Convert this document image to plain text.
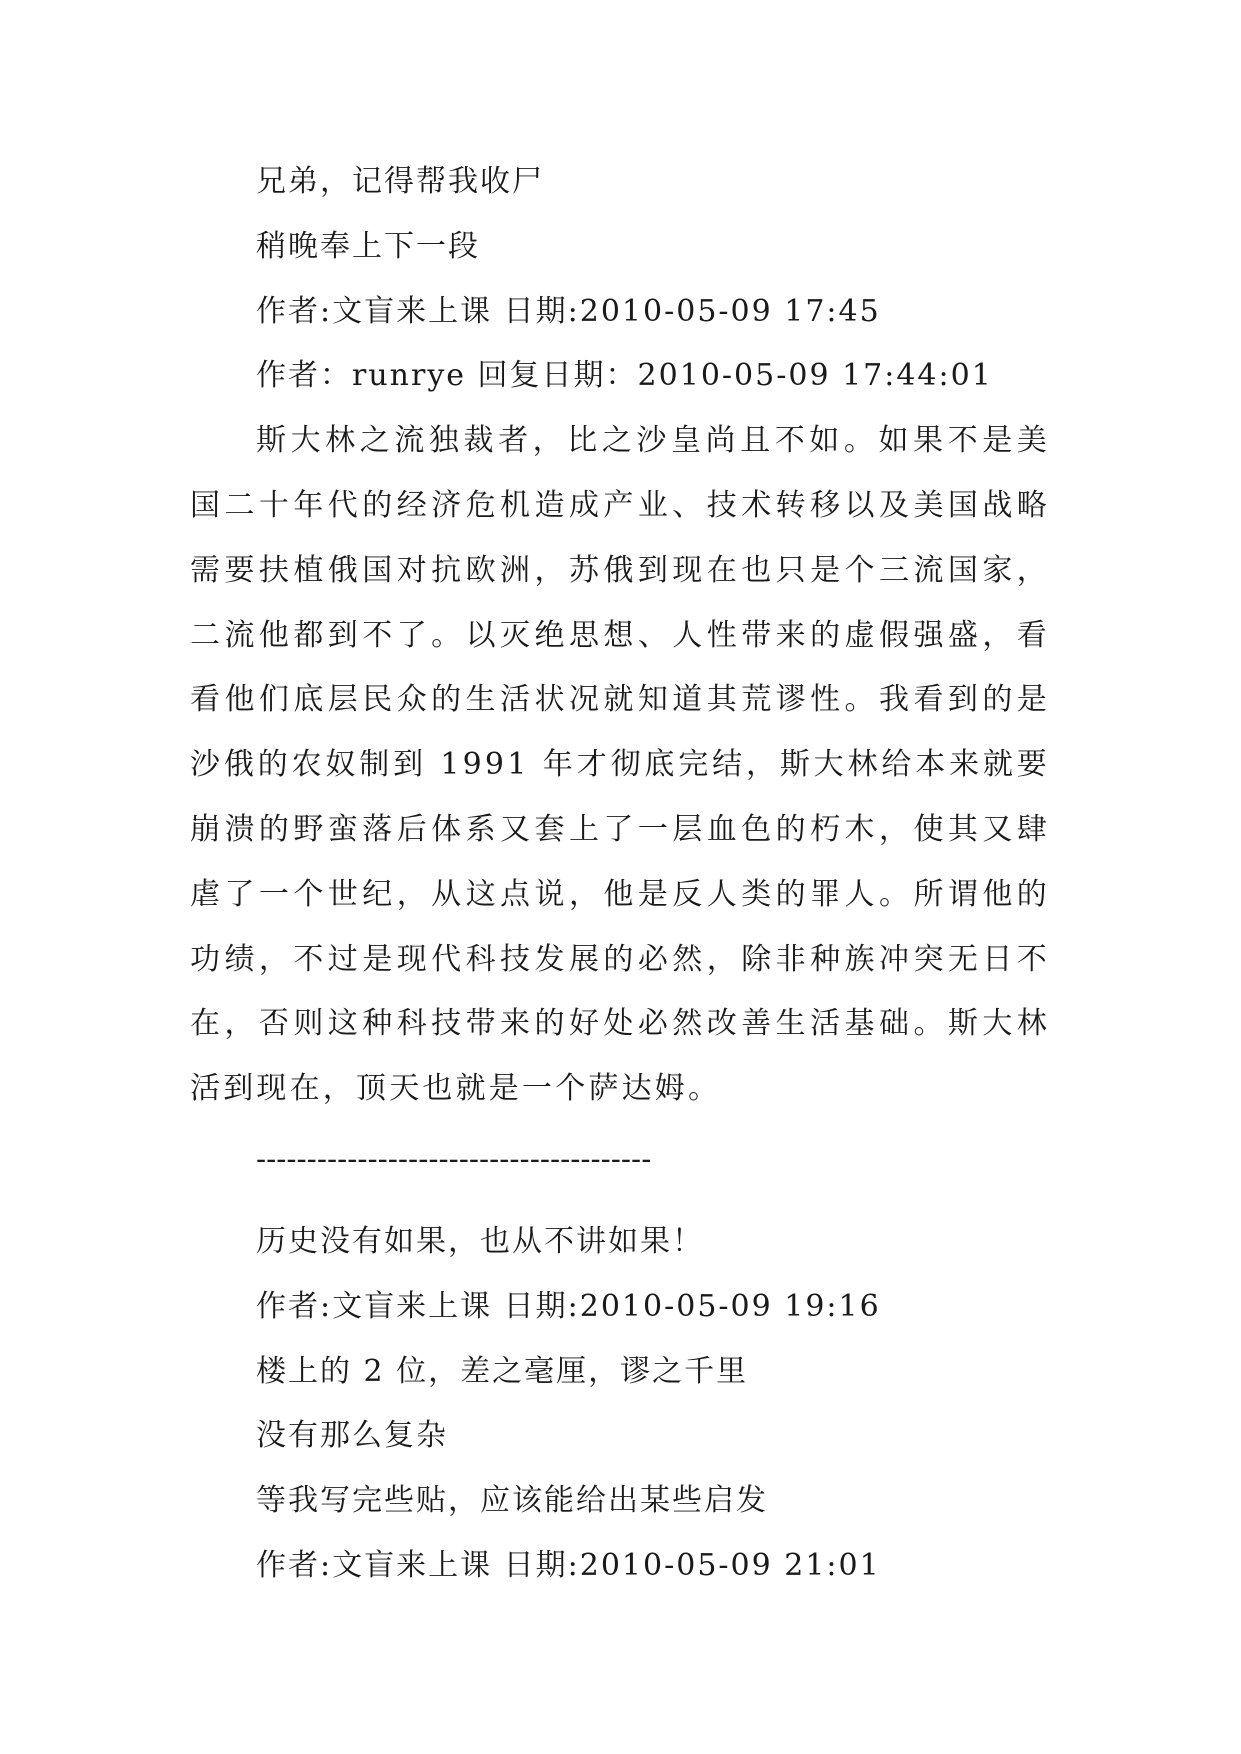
兄弟，记得帮我收尸

稍晚奉上下一段

作者:文盲来上课 日期:2010-05-09 17:45

作者：runrye 回复日期：2010-05-09 17:44:01

斯大林之流独裁者，比之沙皇尚且不如。如果不是美国二十年代的经济危机造成产业、技术转移以及美国战略需要扶植俄国对抗欧洲，苏俄到现在也只是个三流国家，二流他都到不了。以灭绝思想、人性带来的虚假强盛，看看他们底层民众的生活状况就知道其荒谬性。我看到的是沙俄的农奴制到 1991 年才彻底完结，斯大林给本来就要崩溃的野蛮落后体系又套上了一层血色的朽木，使其又肆虐了一个世纪，从这点说，他是反人类的罪人。所谓他的功绩，不过是现代科技发展的必然，除非种族冲突无日不在，否则这种科技带来的好处必然改善生活基础。斯大林活到现在，顶天也就是一个萨达姆。

---------------------------------------

历史没有如果，也从不讲如果！

作者:文盲来上课 日期:2010-05-09 19:16

楼上的 2 位，差之毫厘，谬之千里

没有那么复杂

等我写完些贴，应该能给出某些启发

作者:文盲来上课 日期:2010-05-09 21:01
